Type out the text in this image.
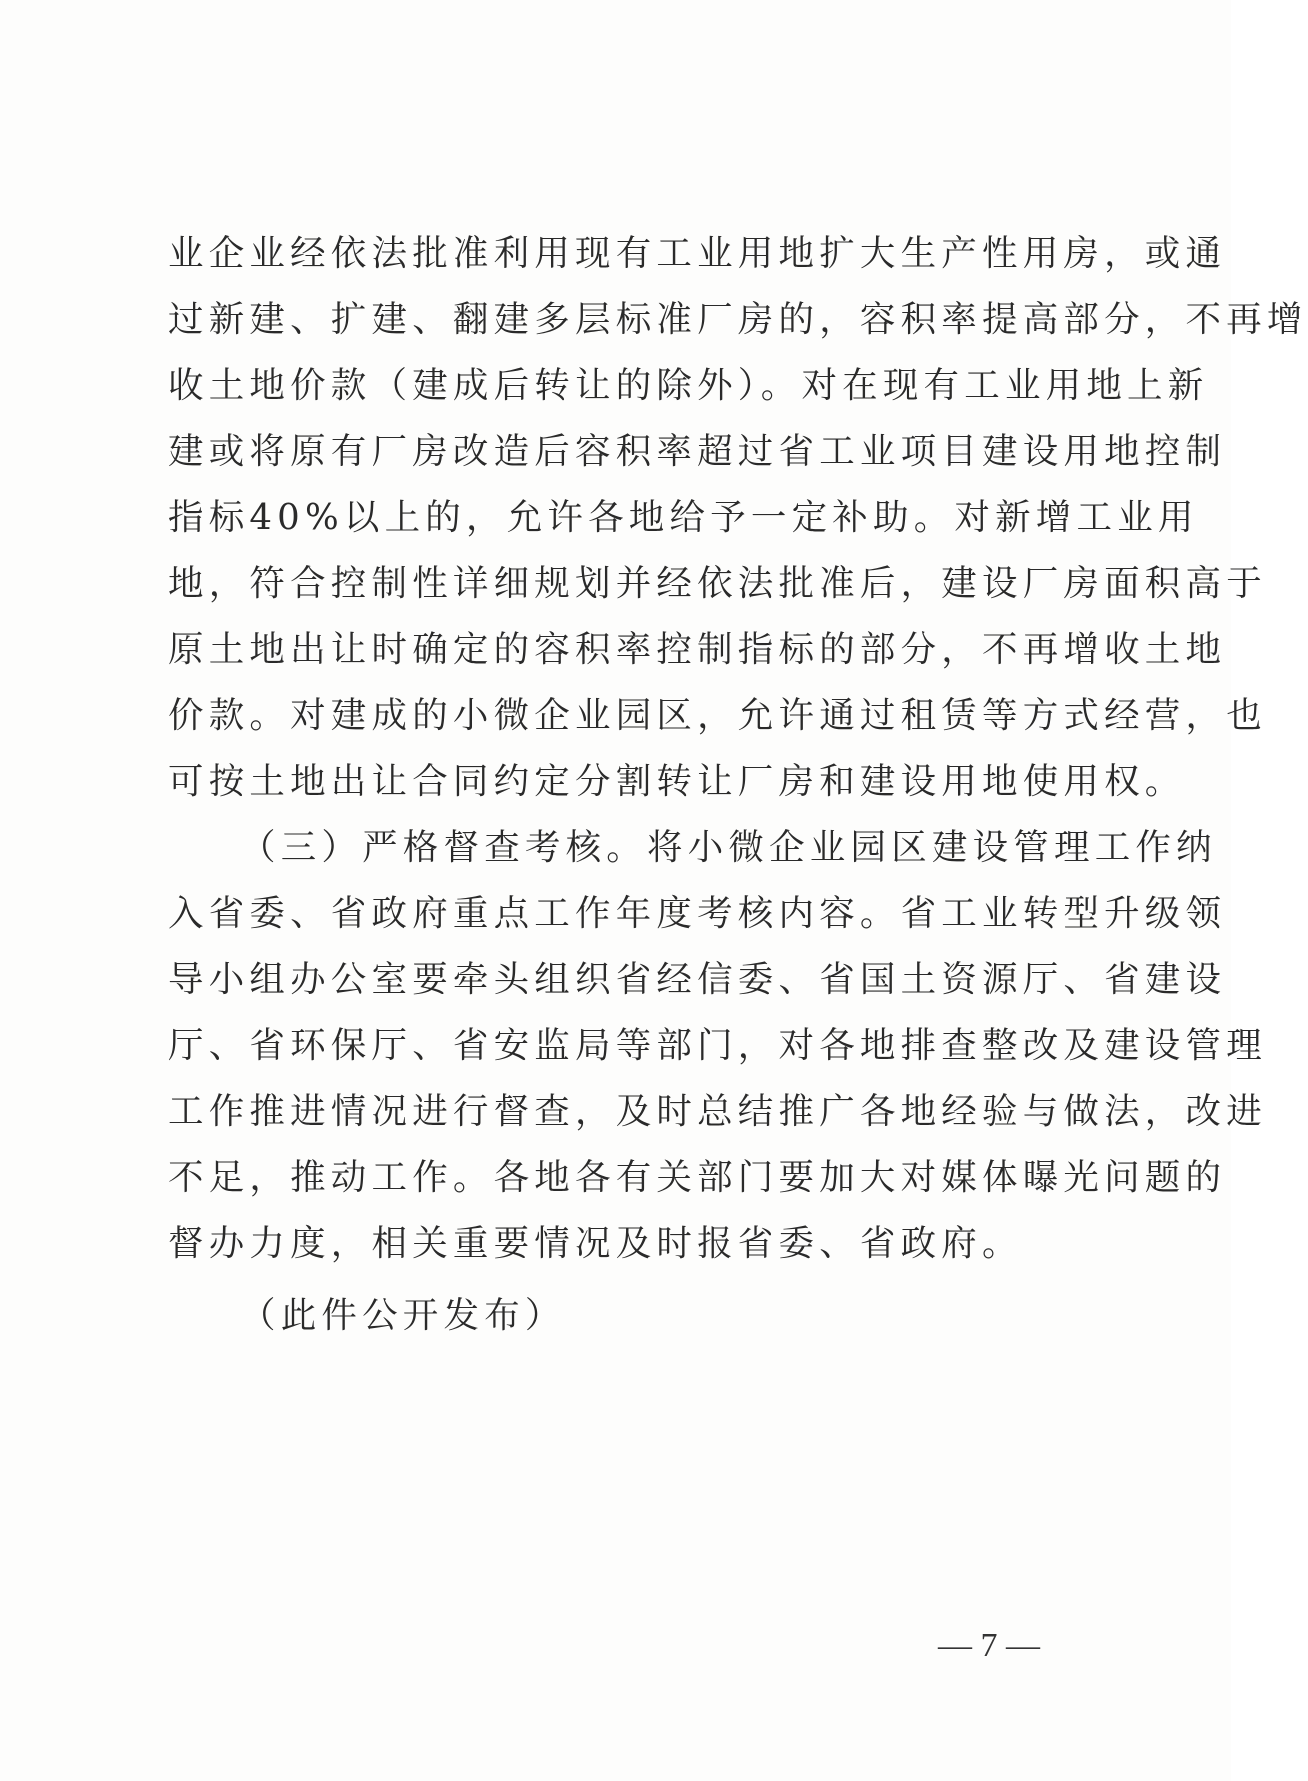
业企业经依法批准利用现有工业用地扩大生产性用房，或通
过新建、扩建、翻建多层标准厂房的，容积率提高部分，不再增
收土地价款（建成后转让的除外）。对在现有工业用地上新
建或将原有厂房改造后容积率超过省工业项目建设用地控制
指标40%以上的，允许各地给予一定补助。对新增工业用
地，符合控制性详细规划并经依法批准后，建设厂房面积高于
原土地出让时确定的容积率控制指标的部分，不再增收土地
价款。对建成的小微企业园区，允许通过租赁等方式经营，也
可按土地出让合同约定分割转让厂房和建设用地使用权。
（三）严格督查考核。将小微企业园区建设管理工作纳
入省委、省政府重点工作年度考核内容。省工业转型升级领
导小组办公室要牵头组织省经信委、省国土资源厅、省建设
厅、省环保厅、省安监局等部门，对各地排查整改及建设管理
工作推进情况进行督查，及时总结推广各地经验与做法，改进
不足，推动工作。各地各有关部门要加大对媒体曝光问题的
督办力度，相关重要情况及时报省委、省政府。
（此件公开发布）
— 7 —
